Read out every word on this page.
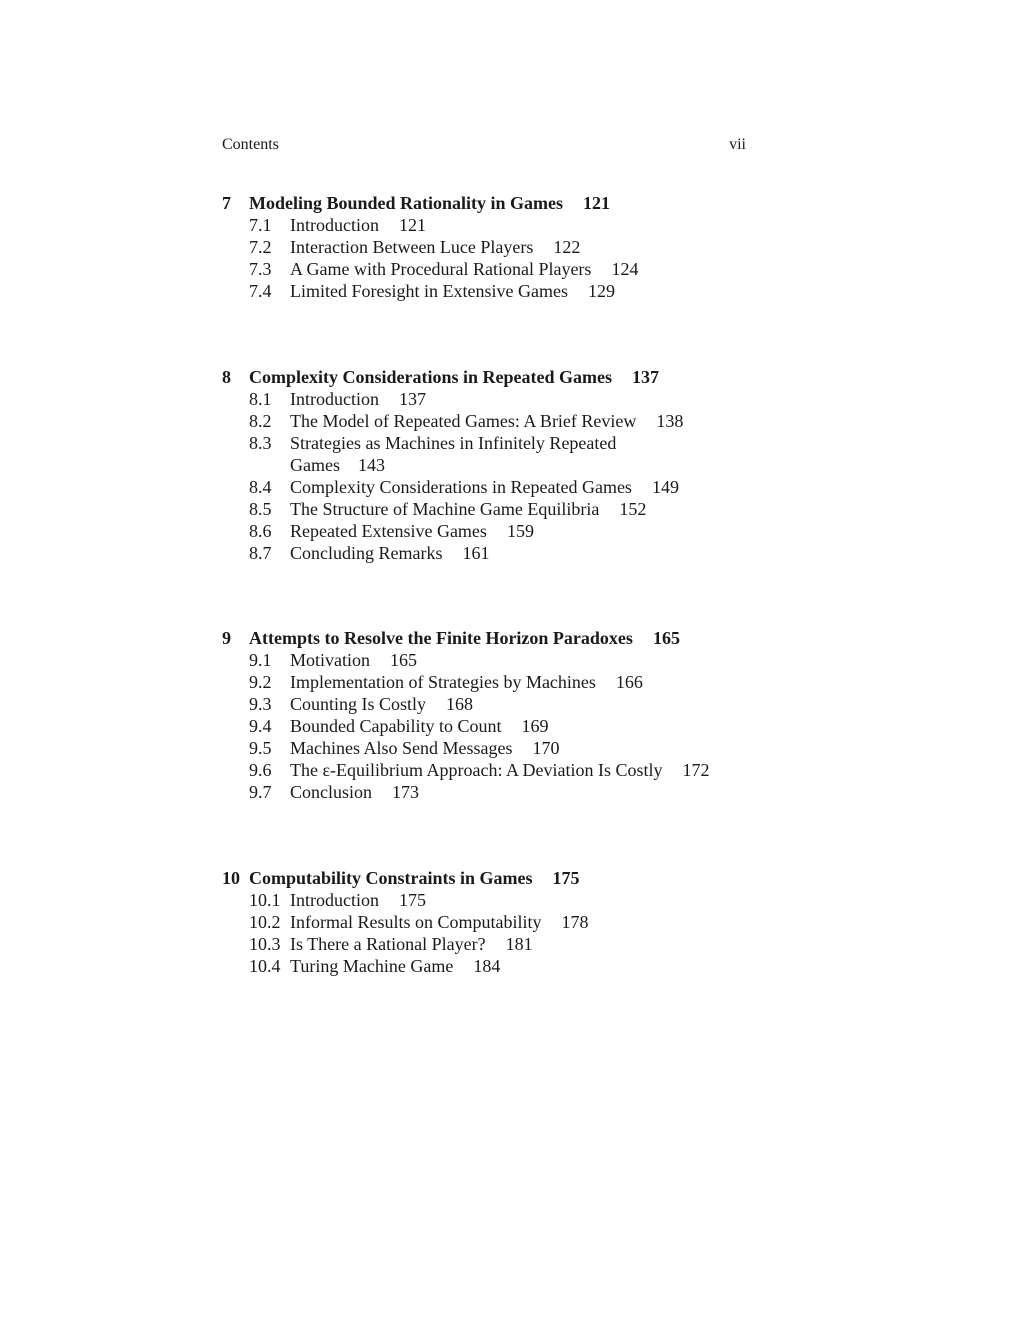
Contents	vii
7	Modeling Bounded Rationality in Games 121
7.1	Introduction 121
7.2	Interaction Between Luce Players 122
7.3	A Game with Procedural Rational Players 124
7.4	Limited Foresight in Extensive Games 129
8	Complexity Considerations in Repeated Games 137
8.1	Introduction 137
8.2	The Model of Repeated Games: A Brief Review 138
8.3	Strategies as Machines in Infinitely Repeated Games 143
8.4	Complexity Considerations in Repeated Games 149
8.5	The Structure of Machine Game Equilibria 152
8.6	Repeated Extensive Games 159
8.7	Concluding Remarks 161
9	Attempts to Resolve the Finite Horizon Paradoxes 165
9.1	Motivation 165
9.2	Implementation of Strategies by Machines 166
9.3	Counting Is Costly 168
9.4	Bounded Capability to Count 169
9.5	Machines Also Send Messages 170
9.6	The ε-Equilibrium Approach: A Deviation Is Costly 172
9.7	Conclusion 173
10 Computability Constraints in Games 175
10.1 Introduction 175
10.2 Informal Results on Computability 178
10.3 Is There a Rational Player? 181
10.4 Turing Machine Game 184
